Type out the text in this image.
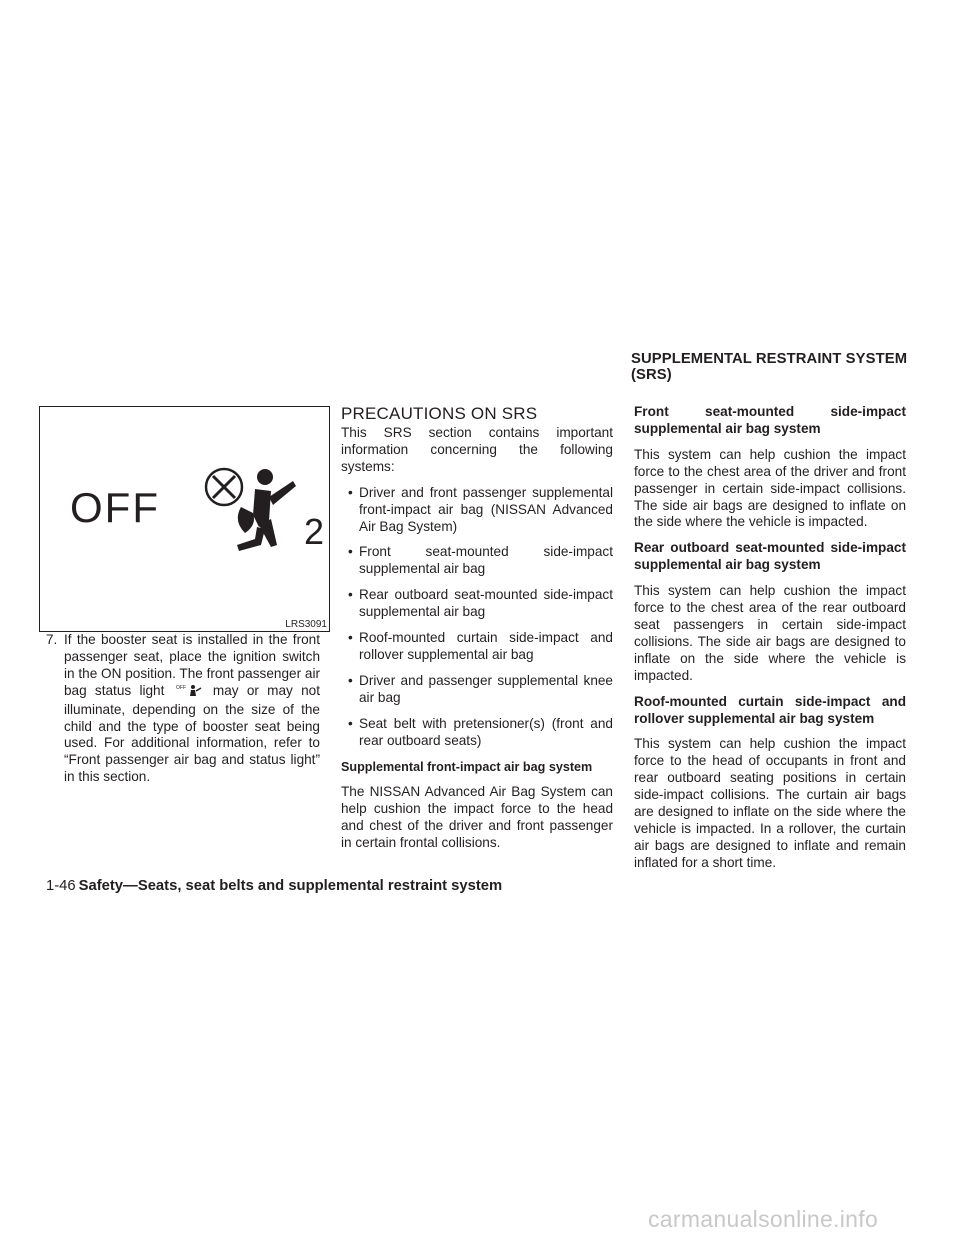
SUPPLEMENTAL RESTRAINT SYSTEM (SRS)
OFF
2
LRS3091
7. If the booster seat is installed in the front passenger seat, place the ignition switch in the ON position. The front passenger air bag status light OFF may or may not illuminate, depending on the size of the child and the type of booster seat being used. For additional information, refer to “Front passenger air bag and status light” in this section.
PRECAUTIONS ON SRS

This SRS section contains important information concerning the following systems:

• Driver and front passenger supplemental front-impact air bag (NISSAN Advanced Air Bag System)
• Front seat-mounted side-impact supplemental air bag
• Rear outboard seat-mounted side-impact supplemental air bag
• Roof-mounted curtain side-impact and rollover supplemental air bag
• Driver and passenger supplemental knee air bag
• Seat belt with pretensioner(s) (front and rear outboard seats)

Supplemental front-impact air bag system

The NISSAN Advanced Air Bag System can help cushion the impact force to the head and chest of the driver and front passenger in certain frontal collisions.

Front seat-mounted side-impact supplemental air bag system

This system can help cushion the impact force to the chest area of the driver and front passenger in certain side-impact collisions. The side air bags are designed to inflate on the side where the vehicle is impacted.

Rear outboard seat-mounted side-impact supplemental air bag system

This system can help cushion the impact force to the chest area of the rear outboard seat passengers in certain side-impact collisions. The side air bags are designed to inflate on the side where the vehicle is impacted.

Roof-mounted curtain side-impact and rollover supplemental air bag system

This system can help cushion the impact force to the head of occupants in front and rear outboard seating positions in certain side-impact collisions. The curtain air bags are designed to inflate on the side where the vehicle is impacted. In a rollover, the curtain air bags are designed to inflate and remain inflated for a short time.

1-46 Safety—Seats, seat belts and supplemental restraint system
carmanualsonline.info
